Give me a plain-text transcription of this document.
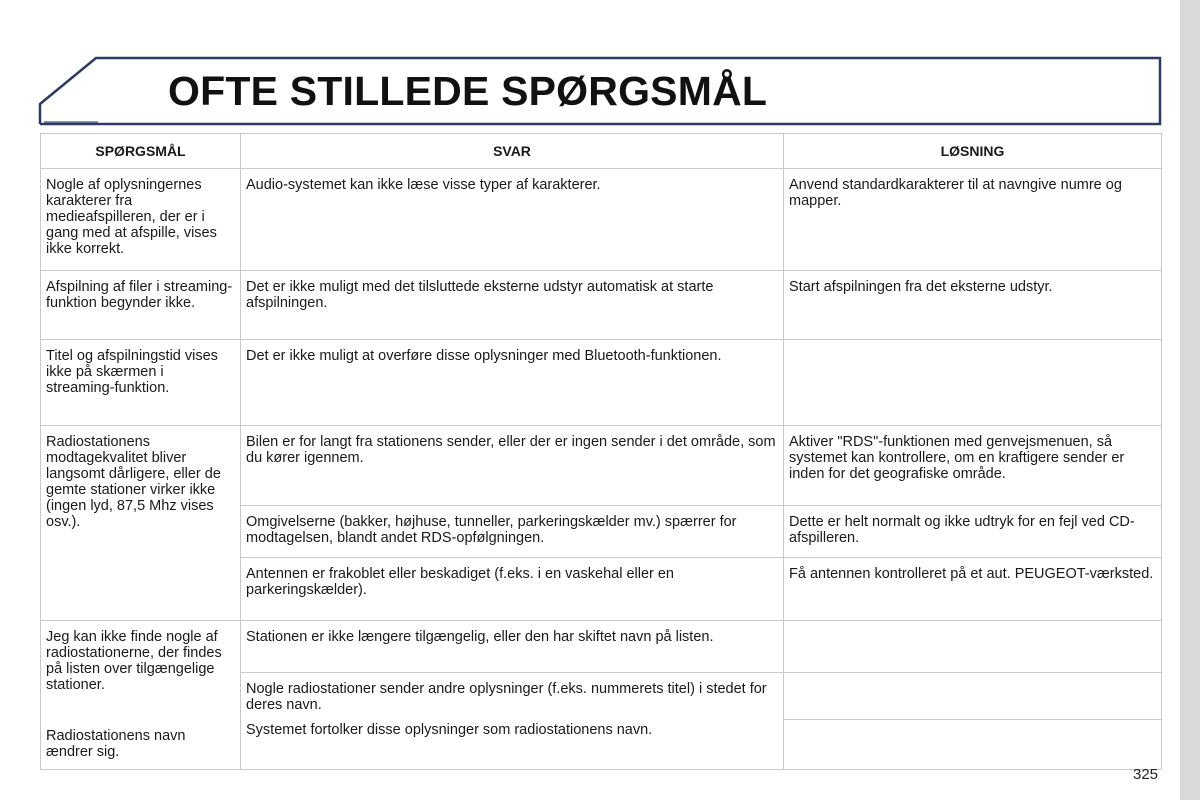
OFTE STILLEDE SPØRGSMÅL
SPØRGSMÅL	SVAR	LØSNING
Nogle af oplysningernes karakterer fra medieafspilleren, der er i gang med at afspille, vises ikke korrekt.	Audio-systemet kan ikke læse visse typer af karakterer.	Anvend standardkarakterer til at navngive numre og mapper.
Afspilning af filer i streaming-funktion begynder ikke.	Det er ikke muligt med det tilsluttede eksterne udstyr automatisk at starte afspilningen.	Start afspilningen fra det eksterne udstyr.
Titel og afspilningstid vises ikke på skærmen i streaming-funktion.	Det er ikke muligt at overføre disse oplysninger med Bluetooth-funktionen.	
Radiostationens modtagekvalitet bliver langsomt dårligere, eller de gemte stationer virker ikke (ingen lyd, 87,5 Mhz vises osv.).	Bilen er for langt fra stationens sender, eller der er ingen sender i det område, som du kører igennem.	Aktiver "RDS"-funktionen med genvejsmenuen, så systemet kan kontrollere, om en kraftigere sender er inden for det geografiske område.
	Omgivelserne (bakker, højhuse, tunneller, parkeringskælder mv.) spærrer for modtagelsen, blandt andet RDS-opfølgningen.	Dette er helt normalt og ikke udtryk for en fejl ved CD-afspilleren.
	Antennen er frakoblet eller beskadiget (f.eks. i en vaskehal eller en parkeringskælder).	Få antennen kontrolleret på et aut. PEUGEOT-værksted.
Jeg kan ikke finde nogle af radiostationerne, der findes på listen over tilgængelige stationer.	Stationen er ikke længere tilgængelig, eller den har skiftet navn på listen.	
	Nogle radiostationer sender andre oplysninger (f.eks. nummerets titel) i stedet for deres navn.	
Radiostationens navn ændrer sig.	Systemet fortolker disse oplysninger som radiostationens navn.	
325
